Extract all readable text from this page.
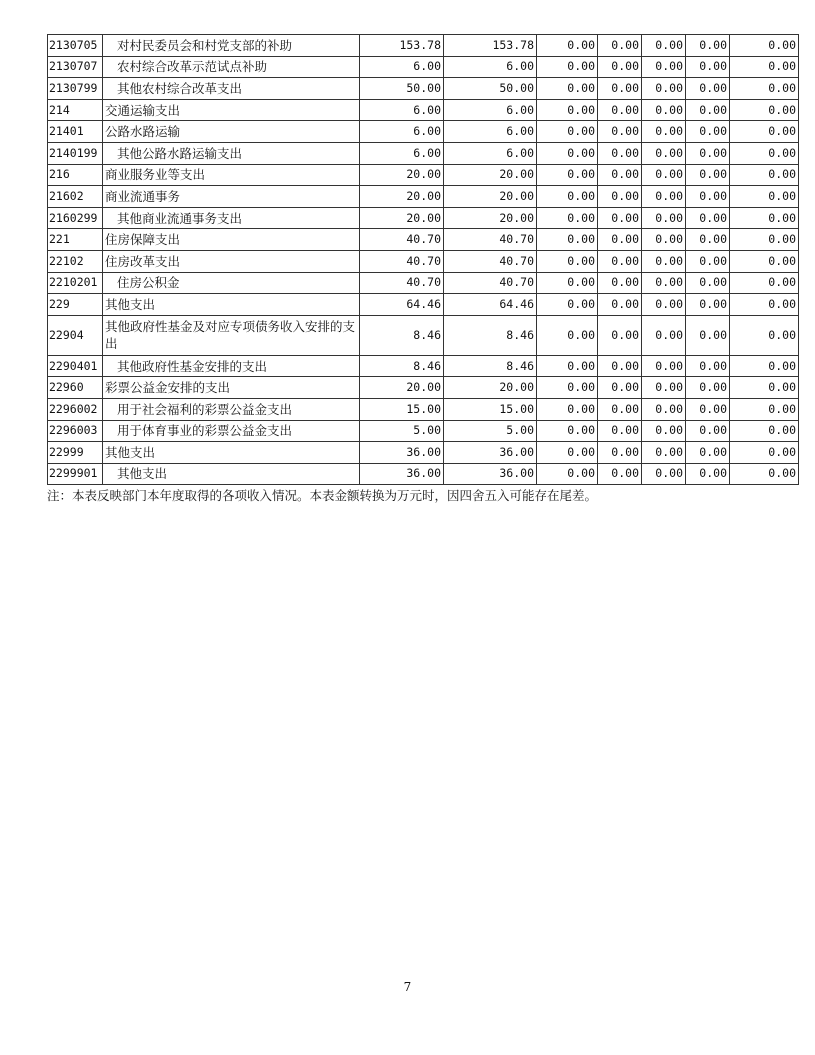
2130705	对村民委员会和村党支部的补助	153.78	153.78	0.00	0.00	0.00	0.00	0.00
2130707	农村综合改革示范试点补助	6.00	6.00	0.00	0.00	0.00	0.00	0.00
2130799	其他农村综合改革支出	50.00	50.00	0.00	0.00	0.00	0.00	0.00
214	交通运输支出	6.00	6.00	0.00	0.00	0.00	0.00	0.00
21401	公路水路运输	6.00	6.00	0.00	0.00	0.00	0.00	0.00
2140199	其他公路水路运输支出	6.00	6.00	0.00	0.00	0.00	0.00	0.00
216	商业服务业等支出	20.00	20.00	0.00	0.00	0.00	0.00	0.00
21602	商业流通事务	20.00	20.00	0.00	0.00	0.00	0.00	0.00
2160299	其他商业流通事务支出	20.00	20.00	0.00	0.00	0.00	0.00	0.00
221	住房保障支出	40.70	40.70	0.00	0.00	0.00	0.00	0.00
22102	住房改革支出	40.70	40.70	0.00	0.00	0.00	0.00	0.00
2210201	住房公积金	40.70	40.70	0.00	0.00	0.00	0.00	0.00
229	其他支出	64.46	64.46	0.00	0.00	0.00	0.00	0.00
22904	其他政府性基金及对应专项债务收入安排的支出	8.46	8.46	0.00	0.00	0.00	0.00	0.00
2290401	其他政府性基金安排的支出	8.46	8.46	0.00	0.00	0.00	0.00	0.00
22960	彩票公益金安排的支出	20.00	20.00	0.00	0.00	0.00	0.00	0.00
2296002	用于社会福利的彩票公益金支出	15.00	15.00	0.00	0.00	0.00	0.00	0.00
2296003	用于体育事业的彩票公益金支出	5.00	5.00	0.00	0.00	0.00	0.00	0.00
22999	其他支出	36.00	36.00	0.00	0.00	0.00	0.00	0.00
2299901	其他支出	36.00	36.00	0.00	0.00	0.00	0.00	0.00
注：本表反映部门本年度取得的各项收入情况。本表金额转换为万元时，因四舍五入可能存在尾差。
7
